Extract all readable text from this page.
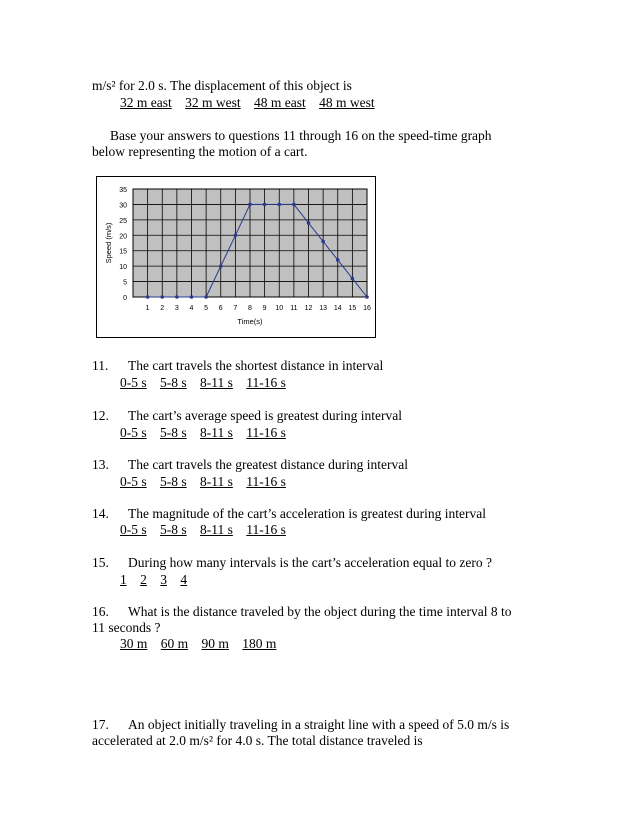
m/s² for 2.0 s. The displacement of this object is
32 m east 32 m west 48 m east 48 m west
Base your answers to questions 11 through 16 on the speed-time graph
below representing the motion of a cart.
0
5
10
15
20
25
30
35
1 2 3 4 5 6 7 8 9 10 11 12 13 14 15 16
Time(s)
Speed (m/s)
11. The cart travels the shortest distance in interval
0-5 s 5-8 s 8-11 s 11-16 s
12. The cart’s average speed is greatest during interval
0-5 s 5-8 s 8-11 s 11-16 s
13. The cart travels the greatest distance during interval
0-5 s 5-8 s 8-11 s 11-16 s
14. The magnitude of the cart’s acceleration is greatest during interval
0-5 s 5-8 s 8-11 s 11-16 s
15. During how many intervals is the cart’s acceleration equal to zero ?
1 2 3 4
16. What is the distance traveled by the object during the time interval 8 to
11 seconds ?
30 m 60 m 90 m 180 m
17. An object initially traveling in a straight line with a speed of 5.0 m/s is
accelerated at 2.0 m/s² for 4.0 s. The total distance traveled is
